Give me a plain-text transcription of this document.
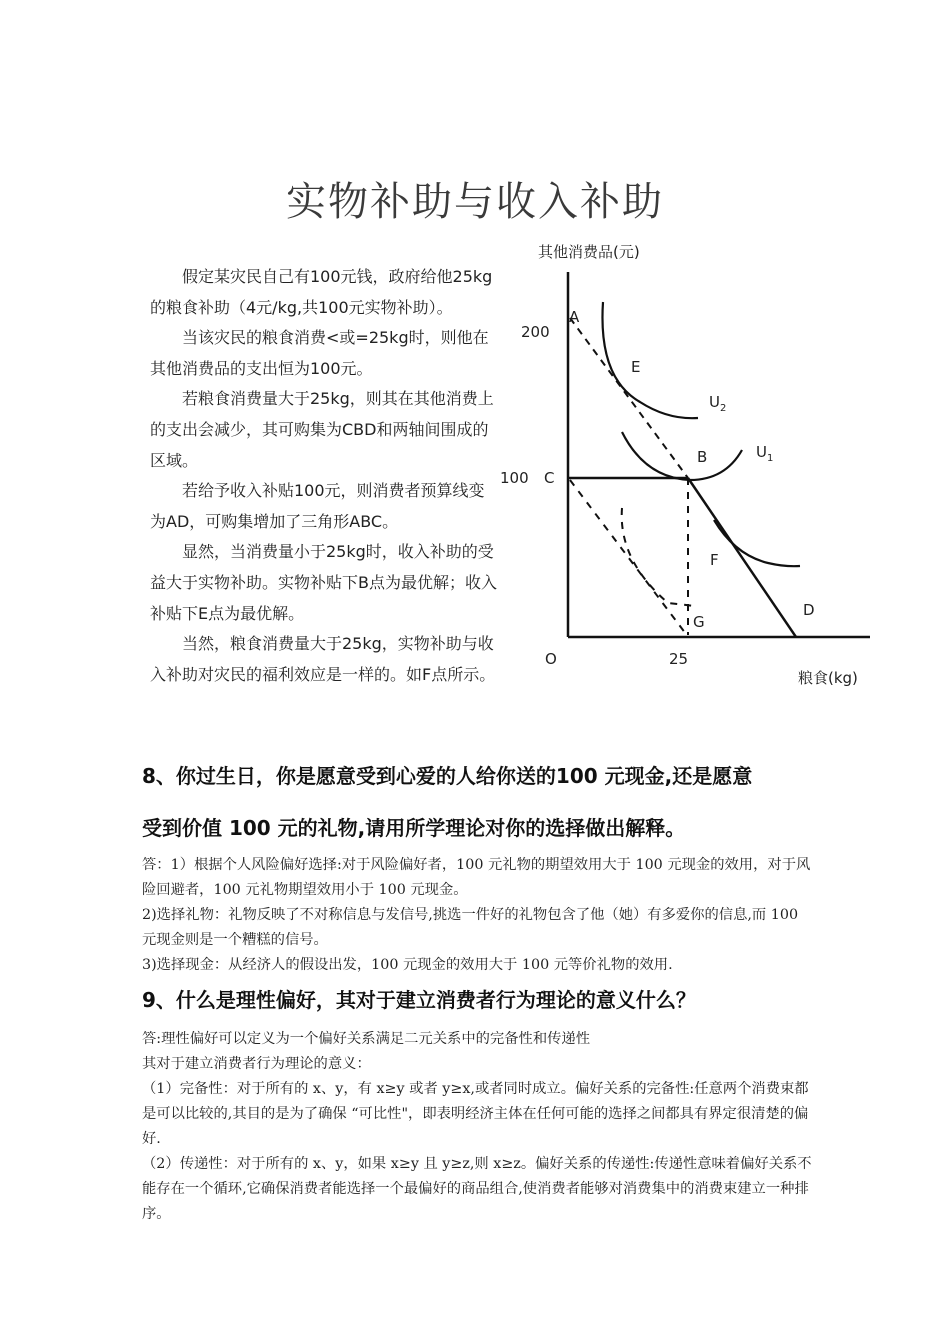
实物补助与收入补助

假定某灾民自己有100元钱，政府给他25kg的粮食补助（4元/kg,共100元实物补助）。

当该灾民的粮食消费<或=25kg时，则他在其他消费品的支出恒为100元。

若粮食消费量大于25kg，则其在其他消费上的支出会减少，其可购集为CBD和两轴间围成的区域。

若给予收入补贴100元，则消费者预算线变为AD，可购集增加了三角形ABC。

显然，当消费量小于25kg时，收入补助的受益大于实物补助。实物补贴下B点为最优解；收入补贴下E点为最优解。

当然，粮食消费量大于25kg，实物补助与收入补助对灾民的福利效应是一样的。如F点所示。

其他消费品(元)
粮食(kg)
O
200
100
25
A
E
B
C
F
D
G
$U_2$
$U_1$
8、你过生日，你是愿意受到心爱的人给你送的100 元现金,还是愿意
受到价值 100 元的礼物,请用所学理论对你的选择做出解释。

答：1）根据个人风险偏好选择:对于风险偏好者，100 元礼物的期望效用大于 100 元现金的效用，对于风险回避者，100 元礼物期望效用小于 100 元现金。

2)选择礼物：礼物反映了不对称信息与发信号,挑选一件好的礼物包含了他（她）有多爱你的信息,而 100 元现金则是一个糟糕的信号。

3)选择现金：从经济人的假设出发，100 元现金的效用大于 100 元等价礼物的效用.

9、什么是理性偏好，其对于建立消费者行为理论的意义什么？

答:理性偏好可以定义为一个偏好关系满足二元关系中的完备性和传递性

其对于建立消费者行为理论的意义：

（1）完备性：对于所有的 x、y，有 x≥y 或者 y≥x,或者同时成立。偏好关系的完备性:任意两个消费束都是可以比较的,其目的是为了确保 “可比性"，即表明经济主体在任何可能的选择之间都具有界定很清楚的偏好.

（2）传递性：对于所有的 x、y，如果 x≥y 且 y≥z,则 x≥z。偏好关系的传递性:传递性意味着偏好关系不能存在一个循环,它确保消费者能选择一个最偏好的商品组合,使消费者能够对消费集中的消费束建立一种排序。
